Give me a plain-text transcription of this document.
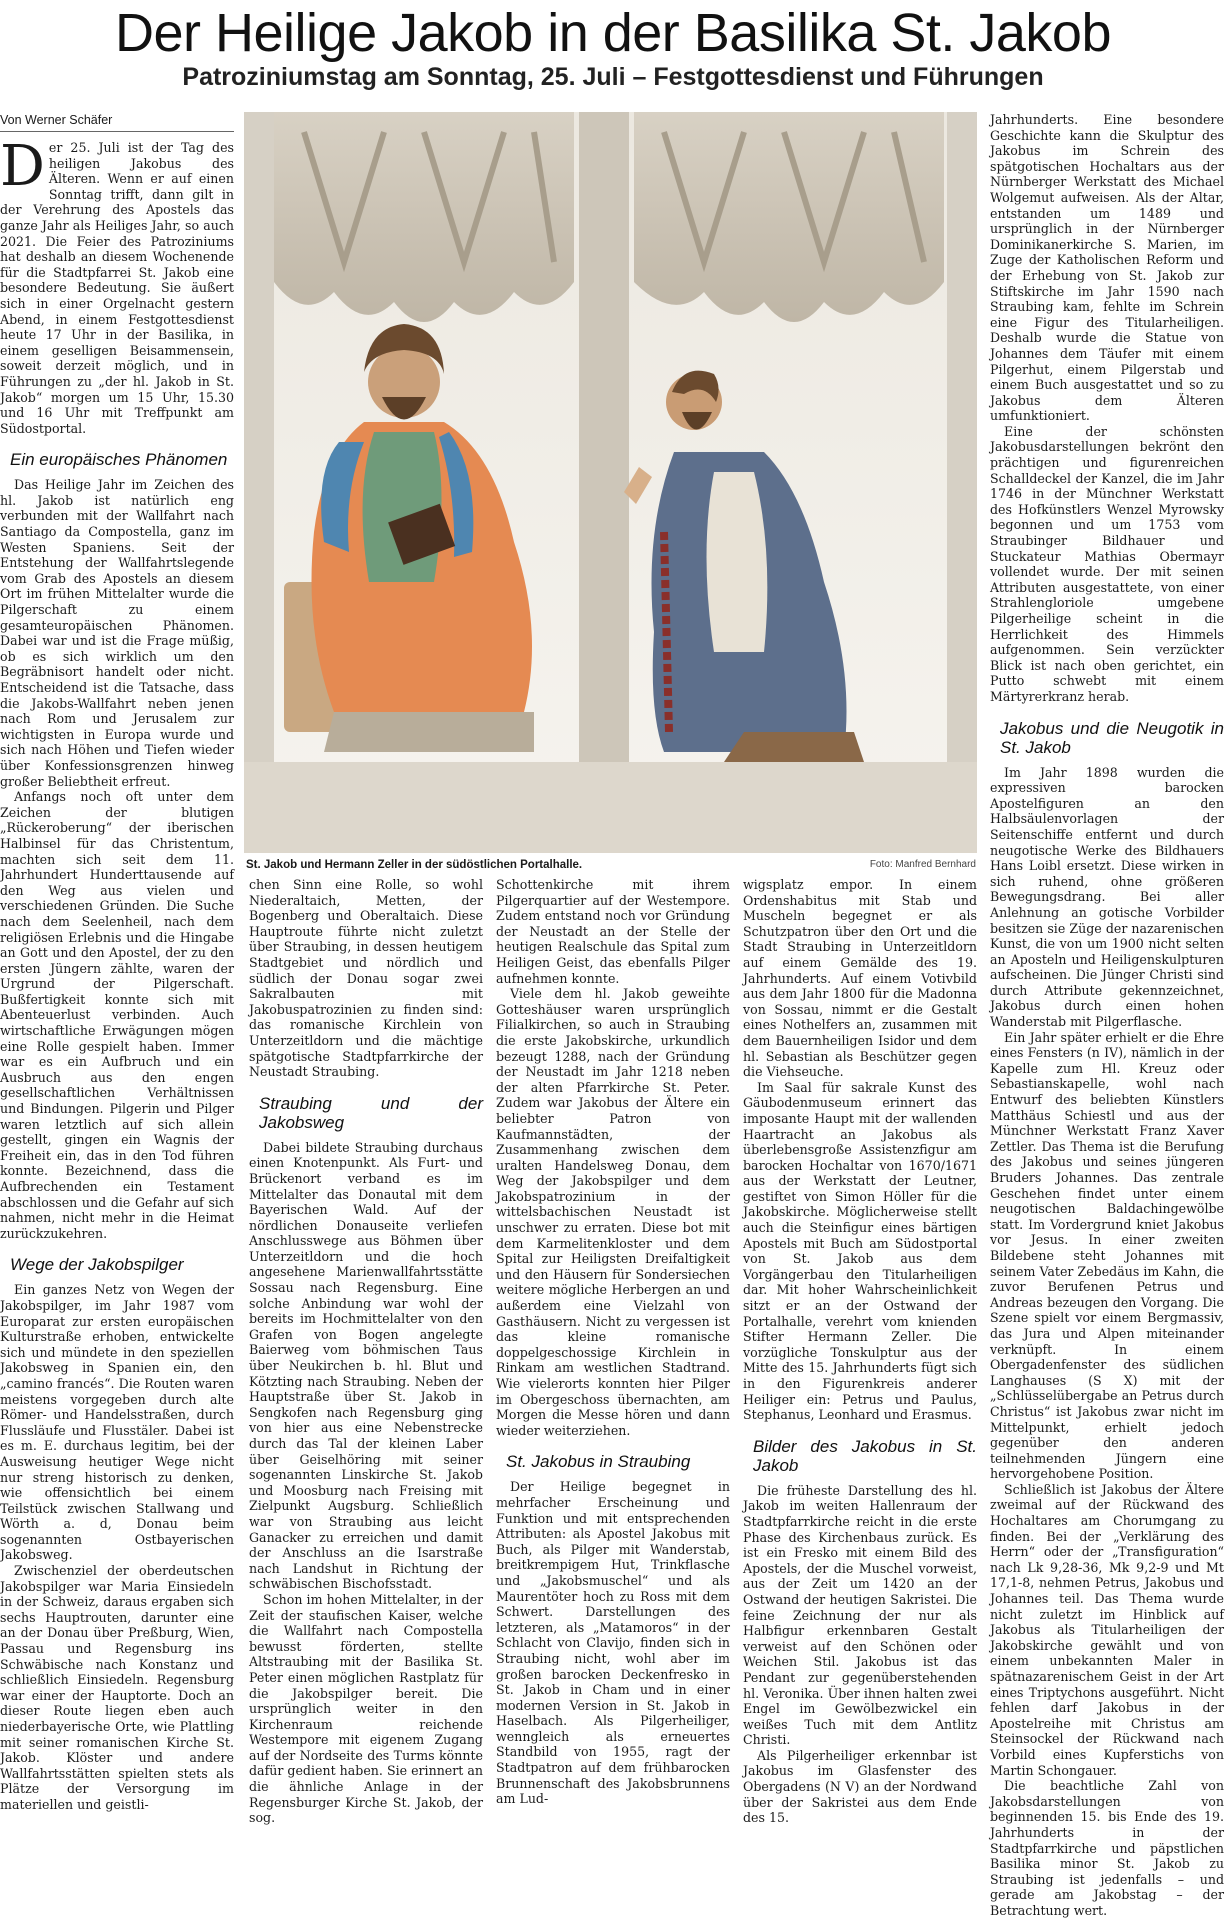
Der Heilige Jakob in der Basilika St. Jakob
Patroziniumstag am Sonntag, 25. Juli – Festgottesdienst und Führungen
Von Werner Schäfer

Der 25. Juli ist der Tag des heiligen Jakobus des Älteren. Wenn er auf einen Sonntag trifft, dann gilt in der Verehrung des Apostels das ganze Jahr als Heiliges Jahr, so auch 2021. Die Feier des Patroziniums hat deshalb an diesem Wochenende für die Stadtpfarrei St. Jakob eine besondere Bedeutung. Sie äußert sich in einer Orgelnacht gestern Abend, in einem Festgottesdienst heute 17 Uhr in der Basilika, in einem geselligen Beisammensein, soweit derzeit möglich, und in Führungen zu „der hl. Jakob in St. Jakob“ morgen um 15 Uhr, 15.30 und 16 Uhr mit Treffpunkt am Südostportal.

Ein europäisches Phänomen

Das Heilige Jahr im Zeichen des hl. Jakob ist natürlich eng verbunden mit der Wallfahrt nach Santiago da Compostella, ganz im Westen Spaniens. Seit der Entstehung der Wallfahrtslegende vom Grab des Apostels an diesem Ort im frühen Mittelalter wurde die Pilgerschaft zu einem gesamteuropäischen Phänomen. Dabei war und ist die Frage müßig, ob es sich wirklich um den Begräbnisort handelt oder nicht. Entscheidend ist die Tatsache, dass die Jakobs-Wallfahrt neben jenen nach Rom und Jerusalem zur wichtigsten in Europa wurde und sich nach Höhen und Tiefen wieder über Konfessionsgrenzen hinweg großer Beliebtheit erfreut.

Anfangs noch oft unter dem Zeichen der blutigen „Rückeroberung“ der iberischen Halbinsel für das Christentum, machten sich seit dem 11. Jahrhundert Hunderttausende auf den Weg aus vielen und verschiedenen Gründen. Die Suche nach dem Seelenheil, nach dem religiösen Erlebnis und die Hingabe an Gott und den Apostel, der zu den ersten Jüngern zählte, waren der Urgrund der Pilgerschaft. Bußfertigkeit konnte sich mit Abenteuerlust verbinden. Auch wirtschaftliche Erwägungen mögen eine Rolle gespielt haben. Immer war es ein Aufbruch und ein Ausbruch aus den engen gesellschaftlichen Verhältnissen und Bindungen. Pilgerin und Pilger waren letztlich auf sich allein gestellt, gingen ein Wagnis der Freiheit ein, das in den Tod führen konnte. Bezeichnend, dass die Aufbrechenden ein Testament abschlossen und die Gefahr auf sich nahmen, nicht mehr in die Heimat zurückzukehren.

Wege der Jakobspilger

Ein ganzes Netz von Wegen der Jakobspilger, im Jahr 1987 vom Europarat zur ersten europäischen Kulturstraße erhoben, entwickelte sich und mündete in den speziellen Jakobsweg in Spanien ein, den „camino francés“. Die Routen waren meistens vorgegeben durch alte Römer- und Handelsstraßen, durch Flussläufe und Flusstäler. Dabei ist es m. E. durchaus legitim, bei der Ausweisung heutiger Wege nicht nur streng historisch zu denken, wie offensichtlich bei einem Teilstück zwischen Stallwang und Wörth a. d, Donau beim sogenannten Ostbayerischen Jakobsweg.

Zwischenziel der oberdeutschen Jakobspilger war Maria Einsiedeln in der Schweiz, daraus ergaben sich sechs Hauptrouten, darunter eine an der Donau über Preßburg, Wien, Passau und Regensburg ins Schwäbische nach Konstanz und schließlich Einsiedeln. Regensburg war einer der Hauptorte. Doch an dieser Route liegen eben auch niederbayerische Orte, wie Plattling mit seiner romanischen Kirche St. Jakob. Klöster und andere Wallfahrtsstätten spielten stets als Plätze der Versorgung im materiellen und geistli-

St. Jakob und Hermann Zeller in der südöstlichen Portalhalle.	Foto: Manfred Bernhard

chen Sinn eine Rolle, so wohl Niederaltaich, Metten, der Bogenberg und Oberaltaich. Diese Hauptroute führte nicht zuletzt über Straubing, in dessen heutigem Stadtgebiet und nördlich und südlich der Donau sogar zwei Sakralbauten mit Jakobuspatrozinien zu finden sind: das romanische Kirchlein von Unterzeitldorn und die mächtige spätgotische Stadtpfarrkirche der Neustadt Straubing.

Straubing und der Jakobsweg

Dabei bildete Straubing durchaus einen Knotenpunkt. Als Furt- und Brückenort verband es im Mittelalter das Donautal mit dem Bayerischen Wald. Auf der nördlichen Donauseite verliefen Anschlusswege aus Böhmen über Unterzeitldorn und die hoch angesehene Marienwallfahrtsstätte Sossau nach Regensburg. Eine solche Anbindung war wohl der bereits im Hochmittelalter von den Grafen von Bogen angelegte Baierweg vom böhmischen Taus über Neukirchen b. hl. Blut und Kötzting nach Straubing. Neben der Hauptstraße über St. Jakob in Sengkofen nach Regensburg ging von hier aus eine Nebenstrecke durch das Tal der kleinen Laber über Geiselhöring mit seiner sogenannten Linskirche St. Jakob und Moosburg nach Freising mit Zielpunkt Augsburg. Schließlich war von Straubing aus leicht Ganacker zu erreichen und damit der Anschluss an die Isarstraße nach Landshut in Richtung der schwäbischen Bischofsstadt.

Schon im hohen Mittelalter, in der Zeit der staufischen Kaiser, welche die Wallfahrt nach Compostella bewusst förderten, stellte Altstraubing mit der Basilika St. Peter einen möglichen Rastplatz für die Jakobspilger bereit. Die ursprünglich weiter in den Kirchenraum reichende Westempore mit eigenem Zugang auf der Nordseite des Turms könnte dafür gedient haben. Sie erinnert an die ähnliche Anlage in der Regensburger Kirche St. Jakob, der sog.

Schottenkirche mit ihrem Pilgerquartier auf der Westempore. Zudem entstand noch vor Gründung der Neustadt an der Stelle der heutigen Realschule das Spital zum Heiligen Geist, das ebenfalls Pilger aufnehmen konnte.

Viele dem hl. Jakob geweihte Gotteshäuser waren ursprünglich Filialkirchen, so auch in Straubing die erste Jakobskirche, urkundlich bezeugt 1288, nach der Gründung der Neustadt im Jahr 1218 neben der alten Pfarrkirche St. Peter. Zudem war Jakobus der Ältere ein beliebter Patron von Kaufmannstädten, der Zusammenhang zwischen dem uralten Handelsweg Donau, dem Weg der Jakobspilger und dem Jakobspatrozinium in der wittelsbachischen Neustadt ist unschwer zu erraten. Diese bot mit dem Karmelitenkloster und dem Spital zur Heiligsten Dreifaltigkeit und den Häusern für Sondersiechen weitere mögliche Herbergen an und außerdem eine Vielzahl von Gasthäusern. Nicht zu vergessen ist das kleine romanische doppelgeschossige Kirchlein in Rinkam am westlichen Stadtrand. Wie vielerorts konnten hier Pilger im Obergeschoss übernachten, am Morgen die Messe hören und dann wieder weiterziehen.

St. Jakobus in Straubing

Der Heilige begegnet in mehrfacher Erscheinung und Funktion und mit entsprechenden Attributen: als Apostel Jakobus mit Buch, als Pilger mit Wanderstab, breitkrempigem Hut, Trinkflasche und „Jakobsmuschel“ und als Maurentöter hoch zu Ross mit dem Schwert. Darstellungen des letzteren, als „Matamoros“ in der Schlacht von Clavijo, finden sich in Straubing nicht, wohl aber im großen barocken Deckenfresko in St. Jakob in Cham und in einer modernen Version in St. Jakob in Haselbach. Als Pilgerheiliger, wenngleich als erneuertes Standbild von 1955, ragt der Stadtpatron auf dem frühbarocken Brunnenschaft des Jakobsbrunnens am Lud-

wigsplatz empor. In einem Ordenshabitus mit Stab und Muscheln begegnet er als Schutzpatron über den Ort und die Stadt Straubing in Unterzeitldorn auf einem Gemälde des 19. Jahrhunderts. Auf einem Votivbild aus dem Jahr 1800 für die Madonna von Sossau, nimmt er die Gestalt eines Nothelfers an, zusammen mit dem Bauernheiligen Isidor und dem hl. Sebastian als Beschützer gegen die Viehseuche.

Im Saal für sakrale Kunst des Gäubodenmuseum erinnert das imposante Haupt mit der wallenden Haartracht an Jakobus als überlebensgroße Assistenzfigur am barocken Hochaltar von 1670/1671 aus der Werkstatt der Leutner, gestiftet von Simon Höller für die Jakobskirche. Möglicherweise stellt auch die Steinfigur eines bärtigen Apostels mit Buch am Südostportal von St. Jakob aus dem Vorgängerbau den Titularheiligen dar. Mit hoher Wahrscheinlichkeit sitzt er an der Ostwand der Portalhalle, verehrt vom knienden Stifter Hermann Zeller. Die vorzügliche Tonskulptur aus der Mitte des 15. Jahrhunderts fügt sich in den Figurenkreis anderer Heiliger ein: Petrus und Paulus, Stephanus, Leonhard und Erasmus.

Bilder des Jakobus in St. Jakob

Die früheste Darstellung des hl. Jakob im weiten Hallenraum der Stadtpfarrkirche reicht in die erste Phase des Kirchenbaus zurück. Es ist ein Fresko mit einem Bild des Apostels, der die Muschel vorweist, aus der Zeit um 1420 an der Ostwand der heutigen Sakristei. Die feine Zeichnung der nur als Halbfigur erkennbaren Gestalt verweist auf den Schönen oder Weichen Stil. Jakobus ist das Pendant zur gegenüberstehenden hl. Veronika. Über ihnen halten zwei Engel im Gewölbezwickel ein weißes Tuch mit dem Antlitz Christi.

Als Pilgerheiliger erkennbar ist Jakobus im Glasfenster des Obergadens (N V) an der Nordwand über der Sakristei aus dem Ende des 15.

Jahrhunderts. Eine besondere Geschichte kann die Skulptur des Jakobus im Schrein des spätgotischen Hochaltars aus der Nürnberger Werkstatt des Michael Wolgemut aufweisen. Als der Altar, entstanden um 1489 und ursprünglich in der Nürnberger Dominikanerkirche S. Marien, im Zuge der Katholischen Reform und der Erhebung von St. Jakob zur Stiftskirche im Jahr 1590 nach Straubing kam, fehlte im Schrein eine Figur des Titularheiligen. Deshalb wurde die Statue von Johannes dem Täufer mit einem Pilgerhut, einem Pilgerstab und einem Buch ausgestattet und so zu Jakobus dem Älteren umfunktioniert.

Eine der schönsten Jakobusdarstellungen bekrönt den prächtigen und figurenreichen Schalldeckel der Kanzel, die im Jahr 1746 in der Münchner Werkstatt des Hofkünstlers Wenzel Myrowsky begonnen und um 1753 vom Straubinger Bildhauer und Stuckateur Mathias Obermayr vollendet wurde. Der mit seinen Attributen ausgestattete, von einer Strahlengloriole umgebene Pilgerheilige scheint in die Herrlichkeit des Himmels aufgenommen. Sein verzückter Blick ist nach oben gerichtet, ein Putto schwebt mit einem Märtyrerkranz herab.

Jakobus und die Neugotik in St. Jakob

Im Jahr 1898 wurden die expressiven barocken Apostelfiguren an den Halbsäulenvorlagen der Seitenschiffe entfernt und durch neugotische Werke des Bildhauers Hans Loibl ersetzt. Diese wirken in sich ruhend, ohne größeren Bewegungsdrang. Bei aller Anlehnung an gotische Vorbilder besitzen sie Züge der nazarenischen Kunst, die von um 1900 nicht selten an Aposteln und Heiligenskulpturen aufscheinen. Die Jünger Christi sind durch Attribute gekennzeichnet, Jakobus durch einen hohen Wanderstab mit Pilgerflasche.

Ein Jahr später erhielt er die Ehre eines Fensters (n IV), nämlich in der Kapelle zum Hl. Kreuz oder Sebastianskapelle, wohl nach Entwurf des beliebten Künstlers Matthäus Schiestl und aus der Münchner Werkstatt Franz Xaver Zettler. Das Thema ist die Berufung des Jakobus und seines jüngeren Bruders Johannes. Das zentrale Geschehen findet unter einem neugotischen Baldachingewölbe statt. Im Vordergrund kniet Jakobus vor Jesus. In einer zweiten Bildebene steht Johannes mit seinem Vater Zebedäus im Kahn, die zuvor Berufenen Petrus und Andreas bezeugen den Vorgang. Die Szene spielt vor einem Bergmassiv, das Jura und Alpen miteinander verknüpft. In einem Obergadenfenster des südlichen Langhauses (S X) mit der „Schlüsselübergabe an Petrus durch Christus“ ist Jakobus zwar nicht im Mittelpunkt, erhielt jedoch gegenüber den anderen teilnehmenden Jüngern eine hervorgehobene Position.

Schließlich ist Jakobus der Ältere zweimal auf der Rückwand des Hochaltares am Chorumgang zu finden. Bei der „Verklärung des Herrn“ oder der „Transfiguration“ nach Lk 9,28-36, Mk 9,2-9 und Mt 17,1-8, nehmen Petrus, Jakobus und Johannes teil. Das Thema wurde nicht zuletzt im Hinblick auf Jakobus als Titularheiligen der Jakobskirche gewählt und von einem unbekannten Maler in spätnazarenischem Geist in der Art eines Triptychons ausgeführt. Nicht fehlen darf Jakobus in der Apostelreihe mit Christus am Steinsockel der Rückwand nach Vorbild eines Kupferstichs von Martin Schongauer.

Die beachtliche Zahl von Jakobsdarstellungen von beginnenden 15. bis Ende des 19. Jahrhunderts in der Stadtpfarrkirche und päpstlichen Basilika minor St. Jakob zu Straubing ist jedenfalls – und gerade am Jakobstag – der Betrachtung wert.
